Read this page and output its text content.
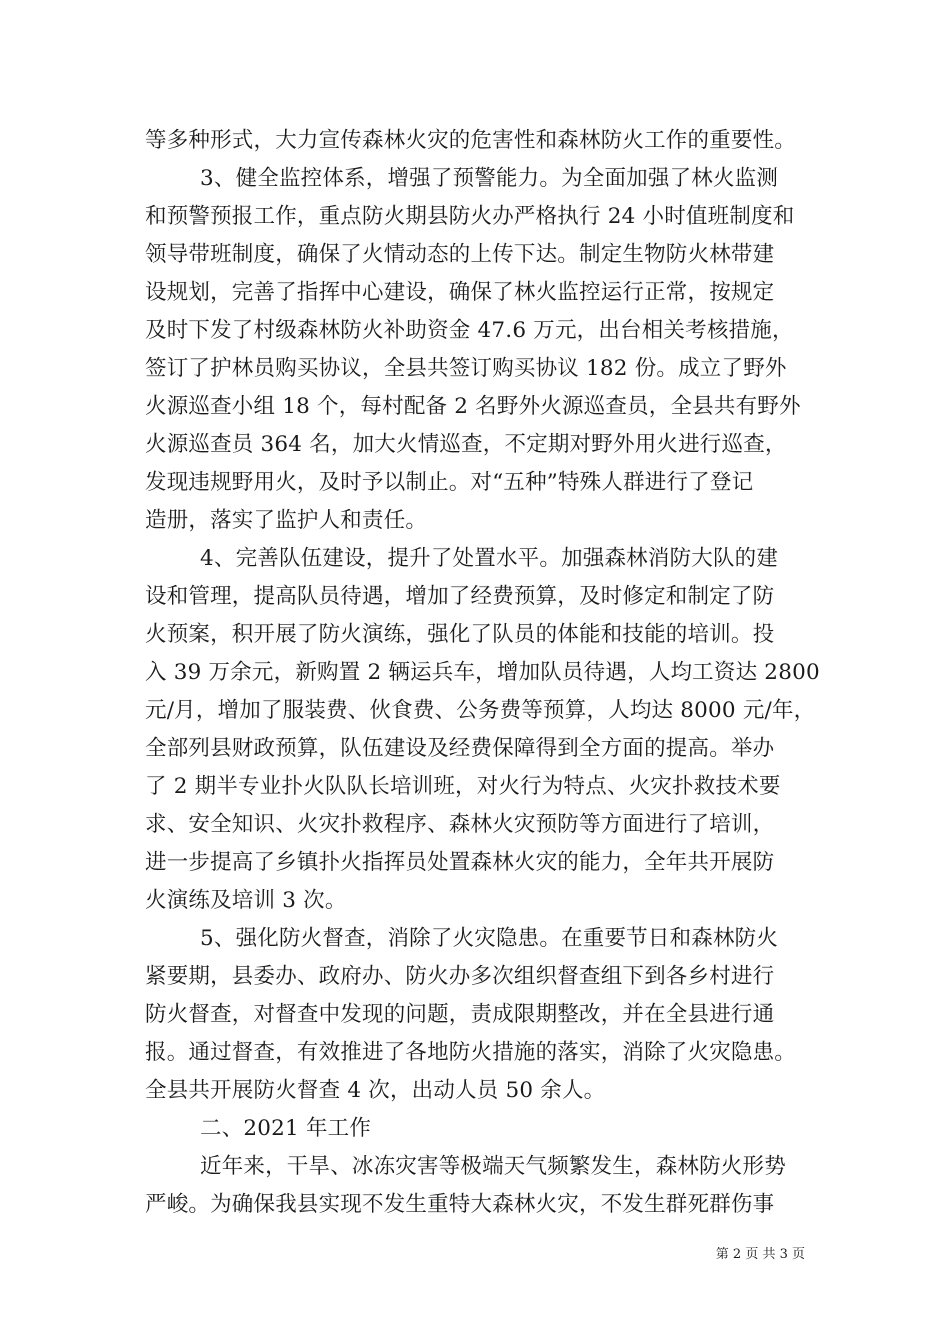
等多种形式，大力宣传森林火灾的危害性和森林防火工作的重要性。
3、健全监控体系，增强了预警能力。为全面加强了林火监测
和预警预报工作，重点防火期县防火办严格执行 24 小时值班制度和
领导带班制度，确保了火情动态的上传下达。制定生物防火林带建
设规划，完善了指挥中心建设，确保了林火监控运行正常，按规定
及时下发了村级森林防火补助资金 47.6 万元，出台相关考核措施，
签订了护林员购买协议，全县共签订购买协议 182 份。成立了野外
火源巡查小组 18 个，每村配备 2 名野外火源巡查员，全县共有野外
火源巡查员 364 名，加大火情巡查，不定期对野外用火进行巡查，
发现违规野用火，及时予以制止。对“五种”特殊人群进行了登记
造册，落实了监护人和责任。
4、完善队伍建设，提升了处置水平。加强森林消防大队的建
设和管理，提高队员待遇，增加了经费预算，及时修定和制定了防
火预案，积开展了防火演练，强化了队员的体能和技能的培训。投
入 39 万余元，新购置 2 辆运兵车，增加队员待遇，人均工资达 2800
元/月，增加了服装费、伙食费、公务费等预算，人均达 8000 元/年，
全部列县财政预算，队伍建设及经费保障得到全方面的提高。举办
了 2 期半专业扑火队队长培训班，对火行为特点、火灾扑救技术要
求、安全知识、火灾扑救程序、森林火灾预防等方面进行了培训，
进一步提高了乡镇扑火指挥员处置森林火灾的能力，全年共开展防
火演练及培训 3 次。
5、强化防火督查，消除了火灾隐患。在重要节日和森林防火
紧要期，县委办、政府办、防火办多次组织督查组下到各乡村进行
防火督查，对督查中发现的问题，责成限期整改，并在全县进行通
报。通过督查，有效推进了各地防火措施的落实，消除了火灾隐患。
全县共开展防火督查 4 次，出动人员 50 余人。
二、2021 年工作
近年来，干旱、冰冻灾害等极端天气频繁发生，森林防火形势
严峻。为确保我县实现不发生重特大森林火灾，不发生群死群伤事
第 2 页 共 3 页
